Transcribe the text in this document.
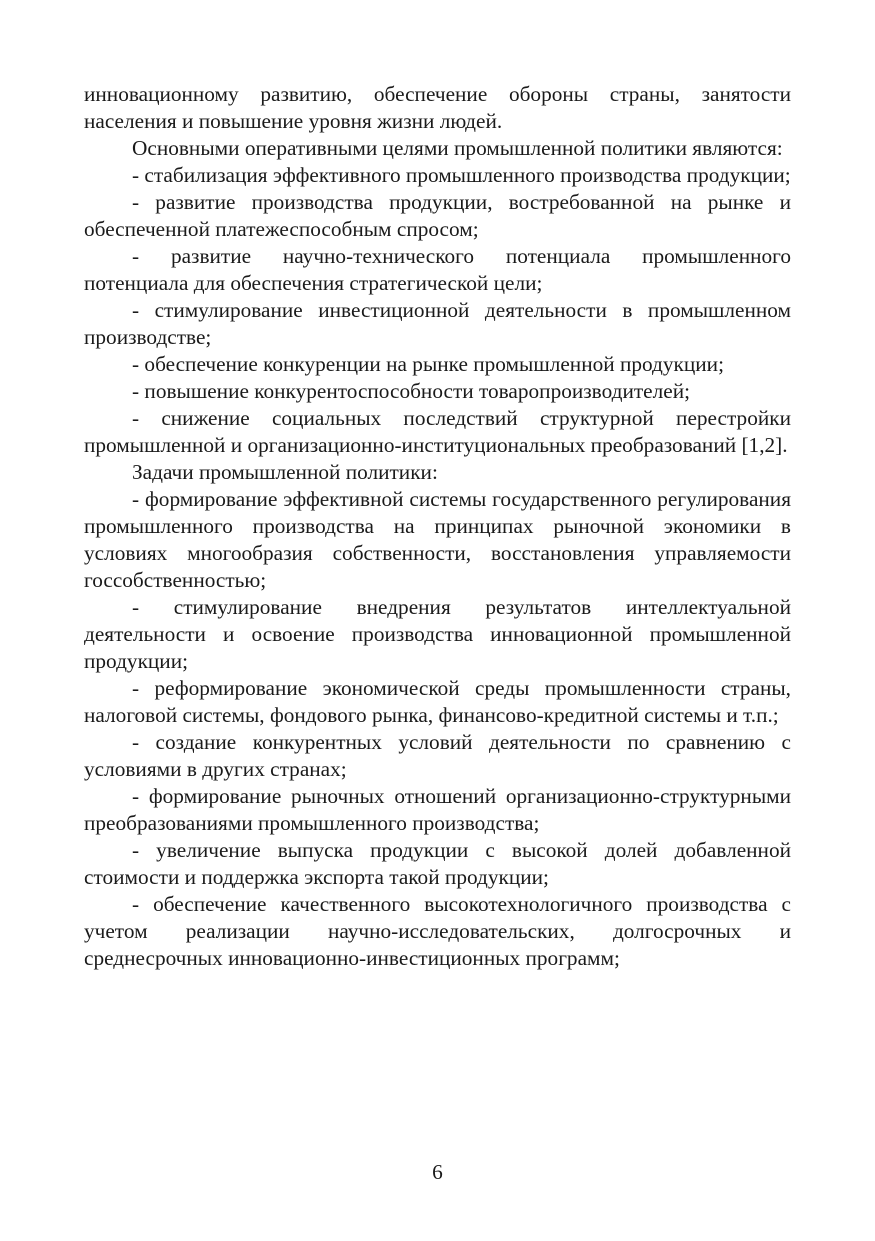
инновационному развитию, обеспечение обороны страны, занятости населения и повышение уровня жизни людей.

Основными оперативными целями промышленной политики являются:

- стабилизация эффективного промышленного производства продукции;

- развитие производства продукции, востребованной на рынке и обеспеченной платежеспособным спросом;

- развитие научно-технического потенциала промышленного потенциала для обеспечения стратегической цели;

- стимулирование инвестиционной деятельности в промышленном производстве;

- обеспечение конкуренции на рынке промышленной продукции;

- повышение конкурентоспособности товаропроизводителей;

- снижение социальных последствий структурной перестройки промышленной и организационно-институциональных преобразований [1,2].

Задачи промышленной политики:

- формирование эффективной системы государственного регулирования промышленного производства на принципах рыночной экономики в условиях многообразия собственности, восстановления управляемости госсобственностью;

- стимулирование внедрения результатов интеллектуальной деятельности и освоение производства инновационной промышленной продукции;

- реформирование экономической среды промышленности страны, налоговой системы, фондового рынка, финансово-кредитной системы и т.п.;

- создание конкурентных условий деятельности по сравнению с условиями в других странах;

- формирование рыночных отношений организационно-структурными преобразованиями промышленного производства;

- увеличение выпуска продукции с высокой долей добавленной стоимости и поддержка экспорта такой продукции;

- обеспечение качественного высокотехнологичного производства с учетом реализации научно-исследовательских, долгосрочных и среднесрочных инновационно-инвестиционных программ;

6
